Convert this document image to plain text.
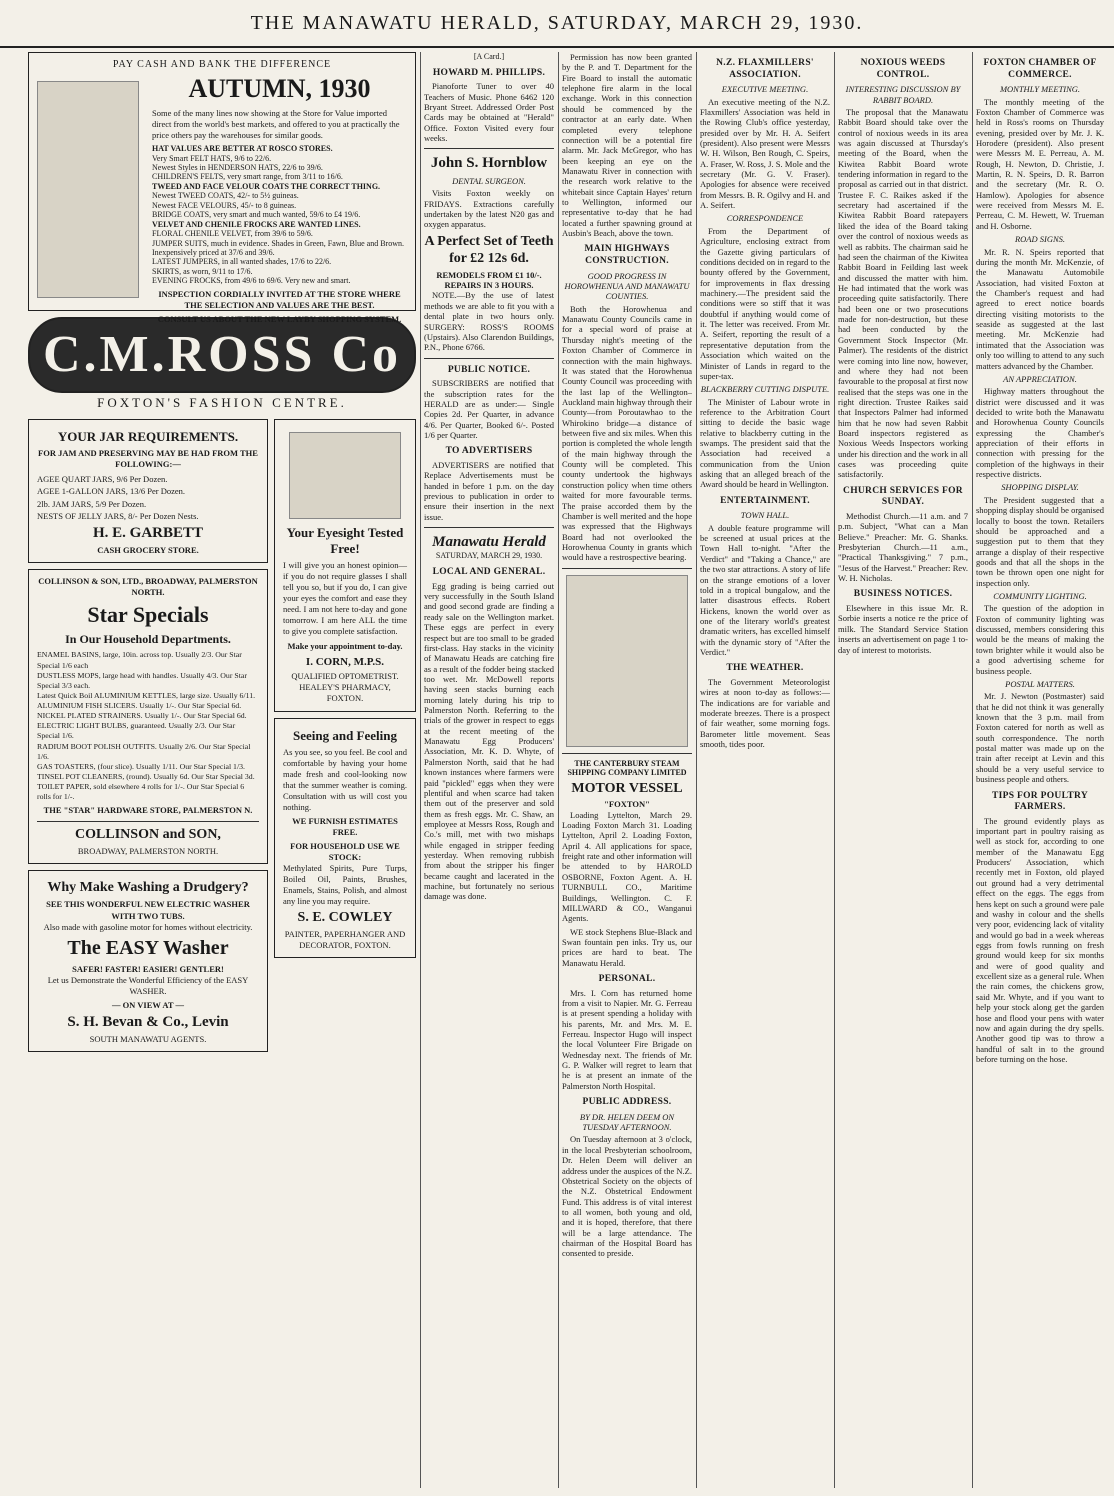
THE MANAWATU HERALD, SATURDAY, MARCH 29, 1930.
PAY CASH AND BANK THE DIFFERENCE
AUTUMN, 1930
Some of the many lines now showing at the Store for Value imported direct from the world's best markets, and offered to you at practically the price others pay the warehouses for similar goods.
HAT VALUES ARE BETTER AT ROSCO STORES.
Very Smart FELT HATS, 9/6 to 22/6.
Newest Styles in HENDERSON HATS, 22/6 to 39/6.
CHILDREN'S FELTS, very smart range, from 3/11 to 16/6.
TWEED AND FACE VELOUR COATS THE CORRECT THING.
Newest TWEED COATS, 42/- to 5½ guineas.
Newest FACE VELOURS, 45/- to 8 guineas.
BRIDGE COATS, very smart and much wanted, 59/6 to £4 19/6.
VELVET AND CHENILE FROCKS ARE WANTED LINES.
FLORAL CHENILE VELVET, from 39/6 to 59/6.
JUMPER SUITS, much in evidence. Shades in Green, Fawn, Blue and Brown. Inexpensively priced at 37/6 and 39/6.
LATEST JUMPERS, in all wanted shades, 17/6 to 22/6.
SKIRTS, as worn, 9/11 to 17/6.
EVENING FROCKS, from 49/6 to 69/6. Very new and smart.
INSPECTION CORDIALLY INVITED AT THE STORE WHERE THE SELECTION AND VALUES ARE THE BEST.
CONSULT US ABOUT THE NEW LAYBY SHOPPING SYSTEM.
C.M.ROSS Co
FOXTON'S FASHION CENTRE.
YOUR JAR REQUIREMENTS.
FOR JAM AND PRESERVING MAY BE HAD FROM THE FOLLOWING:—
AGEE QUART JARS, 9/6 Per Dozen.
AGEE 1-GALLON JARS, 13/6 Per Dozen.
2lb. JAM JARS, 5/9 Per Dozen.
NESTS OF JELLY JARS, 8/- Per Dozen Nests.
H. E. GARBETT
CASH GROCERY STORE.
COLLINSON & SON, LTD., BROADWAY, PALMERSTON NORTH.
Star Specials
In Our Household Departments.
ENAMEL BASINS, large, 10in. across top. Usually 2/3. Our Star Special 1/6 each
DUSTLESS MOPS, large head with handles. Usually 4/3. Our Star Special 3/3 each.
Latest Quick Boil ALUMINIUM KETTLES, large size. Usually 6/11.
ALUMINIUM FISH SLICERS. Usually 1/-. Our Star Special 6d.
NICKEL PLATED STRAINERS. Usually 1/-. Our Star Special 6d.
ELECTRIC LIGHT BULBS, guaranteed. Usually 2/3. Our Star Special 1/6.
RADIUM BOOT POLISH OUTFITS. Usually 2/6. Our Star Special 1/6.
GAS TOASTERS, (four slice). Usually 1/11. Our Star Special 1/3.
TINSEL POT CLEANERS, (round). Usually 6d. Our Star Special 3d.
TOILET PAPER, sold elsewhere 4 rolls for 1/-. Our Star Special 6 rolls for 1/-.
THE "STAR" HARDWARE STORE, PALMERSTON N.
COLLINSON and SON,
BROADWAY, PALMERSTON NORTH.
Why Make Washing a Drudgery?
SEE THIS WONDERFUL NEW ELECTRIC WASHER WITH TWO TUBS.
Also made with gasoline motor for homes without electricity.
The EASY Washer
SAFER! FASTER! EASIER! GENTLER!
Let us Demonstrate the Wonderful Efficiency of the EASY WASHER.
— ON VIEW AT —
S. H. Bevan & Co., Levin
SOUTH MANAWATU AGENTS.
Your Eyesight Tested Free!
I will give you an honest opinion—if you do not require glasses I shall tell you so, but if you do, I can give your eyes the comfort and ease they need. I am not here to-day and gone tomorrow. I am here ALL the time to give you complete satisfaction.
Make your appointment to-day.
I. CORN, M.P.S.
QUALIFIED OPTOMETRIST. HEALEY'S PHARMACY, FOXTON.
Seeing and Feeling
As you see, so you feel. Be cool and comfortable by having your home made fresh and cool-looking now that the summer weather is coming. Consultation with us will cost you nothing.
WE FURNISH ESTIMATES FREE.
FOR HOUSEHOLD USE WE STOCK:
Methylated Spirits, Pure Turps, Boiled Oil, Paints, Brushes, Enamels, Stains, Polish, and almost any line you may require.
S. E. COWLEY
PAINTER, PAPERHANGER AND DECORATOR, FOXTON.
[A Card.]
HOWARD M. PHILLIPS.

Pianoforte Tuner to over 40 Teachers of Music. Phone 6462 120 Bryant Street. Addressed Order Post Cards may be obtained at "Herald" Office. Foxton Visited every four weeks.

John S. Hornblow
DENTAL SURGEON.

Visits Foxton weekly on FRIDAYS. Extractions carefully undertaken by the latest N20 gas and oxygen apparatus.

A Perfect Set of Teeth for £2 12s 6d.
REMODELS FROM £1 10/-. REPAIRS IN 3 HOURS.

NOTE.—By the use of latest methods we are able to fit you with a dental plate in two hours only. SURGERY: ROSS'S ROOMS (Upstairs). Also Clarendon Buildings, P.N., Phone 6766.

PUBLIC NOTICE.

SUBSCRIBERS are notified that the subscription rates for the HERALD are as under:— Single Copies 2d. Per Quarter, in advance 4/6. Per Quarter, Booked 6/-. Posted 1/6 per Quarter.

TO ADVERTISERS

ADVERTISERS are notified that Replace Advertisements must be handed in before 1 p.m. on the day previous to publication in order to ensure their insertion in the next issue.

Manawatu Herald
SATURDAY, MARCH 29, 1930.
LOCAL AND GENERAL.

Egg grading is being carried out very successfully in the South Island and good second grade are finding a ready sale on the Wellington market. These eggs are perfect in every respect but are too small to be graded first-class. Hay stacks in the vicinity of Manawatu Heads are catching fire as a result of the fodder being stacked too wet. Mr. McDowell reports having seen stacks burning each morning lately during his trip to Palmerston North. Referring to the trials of the grower in respect to eggs at the recent meeting of the Manawatu Egg Producers' Association, Mr. K. D. Whyte, of Palmerston North, said that he had known instances where farmers were paid "pickled" eggs when they were plentiful and when scarce had taken them out of the preserver and sold them as fresh eggs. Mr. C. Shaw, an employee at Messrs Ross, Rough and Co.'s mill, met with two mishaps while engaged in stripper feeding yesterday. When removing rubbish from about the stripper his finger became caught and lacerated in the machine, but fortunately no serious damage was done.

Permission has now been granted by the P. and T. Department for the Fire Board to install the automatic telephone fire alarm in the local exchange. Work in this connection should be commenced by the contractor at an early date. When completed every telephone connection will be a potential fire alarm. Mr. Jack McGregor, who has been keeping an eye on the Manawatu River in connection with the research work relative to the whitebait since Captain Hayes' return to Wellington, informed our representative to-day that he had located a further spawning ground at Ausbin's Beach, above the town.

MAIN HIGHWAYS CONSTRUCTION.
GOOD PROGRESS IN HOROWHENUA AND MANAWATU COUNTIES.

Both the Horowhenua and Manawatu County Councils came in for a special word of praise at Thursday night's meeting of the Foxton Chamber of Commerce in connection with the main highways. It was stated that the Horowhenua County Council was proceeding with the last lap of the Wellington–Auckland main highway through their County—from Poroutawhao to the Whirokino bridge—a distance of between five and six miles. When this portion is completed the whole length of the main highway through the County will be completed. This county undertook the highways construction policy when time others waited for more favourable terms. The praise accorded them by the Chamber is well merited and the hope was expressed that the Highways Board had not overlooked the Horowhenua County in grants which would have a restrospective bearing.

THE CANTERBURY STEAM SHIPPING COMPANY LIMITED
MOTOR VESSEL
"FOXTON"

Loading Lyttelton, March 29. Loading Foxton March 31. Loading Lyttelton, April 2. Loading Foxton, April 4. All applications for space, freight rate and other information will be attended to by HAROLD OSBORNE, Foxton Agent. A. H. TURNBULL CO., Maritime Buildings, Wellington. C. F. MILLWARD & CO., Wanganui Agents.

WE stock Stephens Blue-Black and Swan fountain pen inks. Try us, our prices are hard to beat. The Manawatu Herald.

PERSONAL.

Mrs. I. Corn has returned home from a visit to Napier. Mr. G. Ferreau is at present spending a holiday with his parents, Mr. and Mrs. M. E. Ferreau. Inspector Hugo will inspect the local Volunteer Fire Brigade on Wednesday next. The friends of Mr. G. P. Walker will regret to learn that he is at present an inmate of the Palmerston North Hospital.

PUBLIC ADDRESS.
BY DR. HELEN DEEM ON TUESDAY AFTERNOON.

On Tuesday afternoon at 3 o'clock, in the local Presbyterian schoolroom, Dr. Helen Deem will deliver an address under the auspices of the N.Z. Obstetrical Society on the objects of the N.Z. Obstetrical Endowment Fund. This address is of vital interest to all women, both young and old, and it is hoped, therefore, that there will be a large attendance. The chairman of the Hospital Board has consented to preside.

N.Z. FLAXMILLERS' ASSOCIATION.
EXECUTIVE MEETING.

An executive meeting of the N.Z. Flaxmillers' Association was held in the Rowing Club's office yesterday, presided over by Mr. H. A. Seifert (president). Also present were Messrs W. H. Wilson, Ben Rough, C. Speirs, A. Fraser, W. Ross, J. S. Mole and the secretary (Mr. G. V. Fraser). Apologies for absence were received from Messrs. B. R. Ogilvy and H. and A. Seifert.

CORRESPONDENCE

From the Department of Agriculture, enclosing extract from the Gazette giving particulars of conditions decided on in regard to the bounty offered by the Government, for improvements in flax dressing machinery.—The president said the conditions were so stiff that it was doubtful if anything would come of it. The letter was received. From Mr. A. Seifert, reporting the result of a representative deputation from the Association which waited on the Minister of Lands in regard to the super-tax.

BLACKBERRY CUTTING DISPUTE.

The Minister of Labour wrote in reference to the Arbitration Court sitting to decide the basic wage relative to blackberry cutting in the swamps. The president said that the Association had received a communication from the Union asking that an alleged breach of the Award should be heard in Wellington.

ENTERTAINMENT.
TOWN HALL.

A double feature programme will be screened at usual prices at the Town Hall to-night. "After the Verdict" and "Taking a Chance," are the two star attractions. A story of life on the strange emotions of a lover told in a tropical bungalow, and the latter disastrous effects. Robert Hickens, known the world over as one of the literary world's greatest dramatic writers, has excelled himself with the dynamic story of "After the Verdict."

THE WEATHER.

The Government Meteorologist wires at noon to-day as follows:—The indications are for variable and moderate breezes. There is a prospect of fair weather, some morning fogs. Barometer little movement. Seas smooth, tides poor.

NOXIOUS WEEDS CONTROL.
INTERESTING DISCUSSION BY RABBIT BOARD.

The proposal that the Manawatu Rabbit Board should take over the control of noxious weeds in its area was again discussed at Thursday's meeting of the Board, when the Kiwitea Rabbit Board wrote tendering information in regard to the proposal as carried out in that district. Trustee F. C. Raikes asked if the secretary had ascertained if the Kiwitea Rabbit Board ratepayers liked the idea of the Board taking over the control of noxious weeds as well as rabbits. The chairman said he had seen the chairman of the Kiwitea Rabbit Board in Feilding last week and discussed the matter with him. He had intimated that the work was proceeding quite satisfactorily. There had been one or two prosecutions made for non-destruction, but these had been conducted by the Government Stock Inspector (Mr. Palmer). The residents of the district were coming into line now, however, and where they had not been favourable to the proposal at first now realised that the steps was one in the right direction. Trustee Raikes said that Inspectors Palmer had informed him that he now had seven Rabbit Board inspectors registered as Noxious Weeds Inspectors working under his direction and the work in all cases was proceeding quite satisfactorily.

CHURCH SERVICES FOR SUNDAY.

Methodist Church.—11 a.m. and 7 p.m. Subject, "What can a Man Believe." Preacher: Mr. G. Shanks. Presbyterian Church.—11 a.m., "Practical Thanksgiving." 7 p.m., "Jesus of the Harvest." Preacher: Rev. W. H. Nicholas.

BUSINESS NOTICES.

Elsewhere in this issue Mr. R. Sorbie inserts a notice re the price of milk. The Standard Service Station inserts an advertisement on page 1 to-day of interest to motorists.

FOXTON CHAMBER OF COMMERCE.
MONTHLY MEETING.

The monthly meeting of the Foxton Chamber of Commerce was held in Ross's rooms on Thursday evening, presided over by Mr. J. K. Horodere (president). Also present were Messrs M. E. Perreau, A. M. Rough, H. Newton, D. Christie, J. Martin, R. N. Speirs, D. R. Barron and the secretary (Mr. R. O. Hamlow). Apologies for absence were received from Messrs M. E. Perreau, C. M. Hewett, W. Trueman and H. Osborne.

ROAD SIGNS.

Mr. R. N. Speirs reported that during the month Mr. McKenzie, of the Manawatu Automobile Association, had visited Foxton at the Chamber's request and had agreed to erect notice boards directing visiting motorists to the seaside as suggested at the last meeting. Mr. McKenzie had intimated that the Association was only too willing to attend to any such matters advanced by the Chamber.

AN APPRECIATION.

Highway matters throughout the district were discussed and it was decided to write both the Manawatu and Horowhenua County Councils expressing the Chamber's appreciation of their efforts in connection with pressing for the completion of the highways in their respective districts.

SHOPPING DISPLAY.

The President suggested that a shopping display should be organised locally to boost the town. Retailers should be approached and a suggestion put to them that they arrange a display of their respective goods and that all the shops in the town be thrown open one night for inspection only.

COMMUNITY LIGHTING.

The question of the adoption in Foxton of community lighting was discussed, members considering this would be the means of making the town brighter while it would also be a good advertising scheme for business people.

POSTAL MATTERS.

Mr. J. Newton (Postmaster) said that he did not think it was generally known that the 3 p.m. mail from Foxton catered for north as well as south correspondence. The north postal matter was made up on the train after receipt at Levin and this should be a very useful service to business people and others.

TIPS FOR POULTRY FARMERS.

The ground evidently plays as important part in poultry raising as well as stock for, according to one member of the Manawatu Egg Producers' Association, which recently met in Foxton, old played out ground had a very detrimental effect on the eggs. The eggs from hens kept on such a ground were pale and washy in colour and the shells very poor, evidencing lack of vitality and would go bad in a week whereas eggs from fowls running on fresh ground would keep for six months and were of good quality and excellent size as a general rule. When the rain comes, the chickens grow, said Mr. Whyte, and if you want to help your stock along get the garden hose and flood your pens with water now and again during the dry spells. Another good tip was to throw a handful of salt in to the ground before turning on the hose.
